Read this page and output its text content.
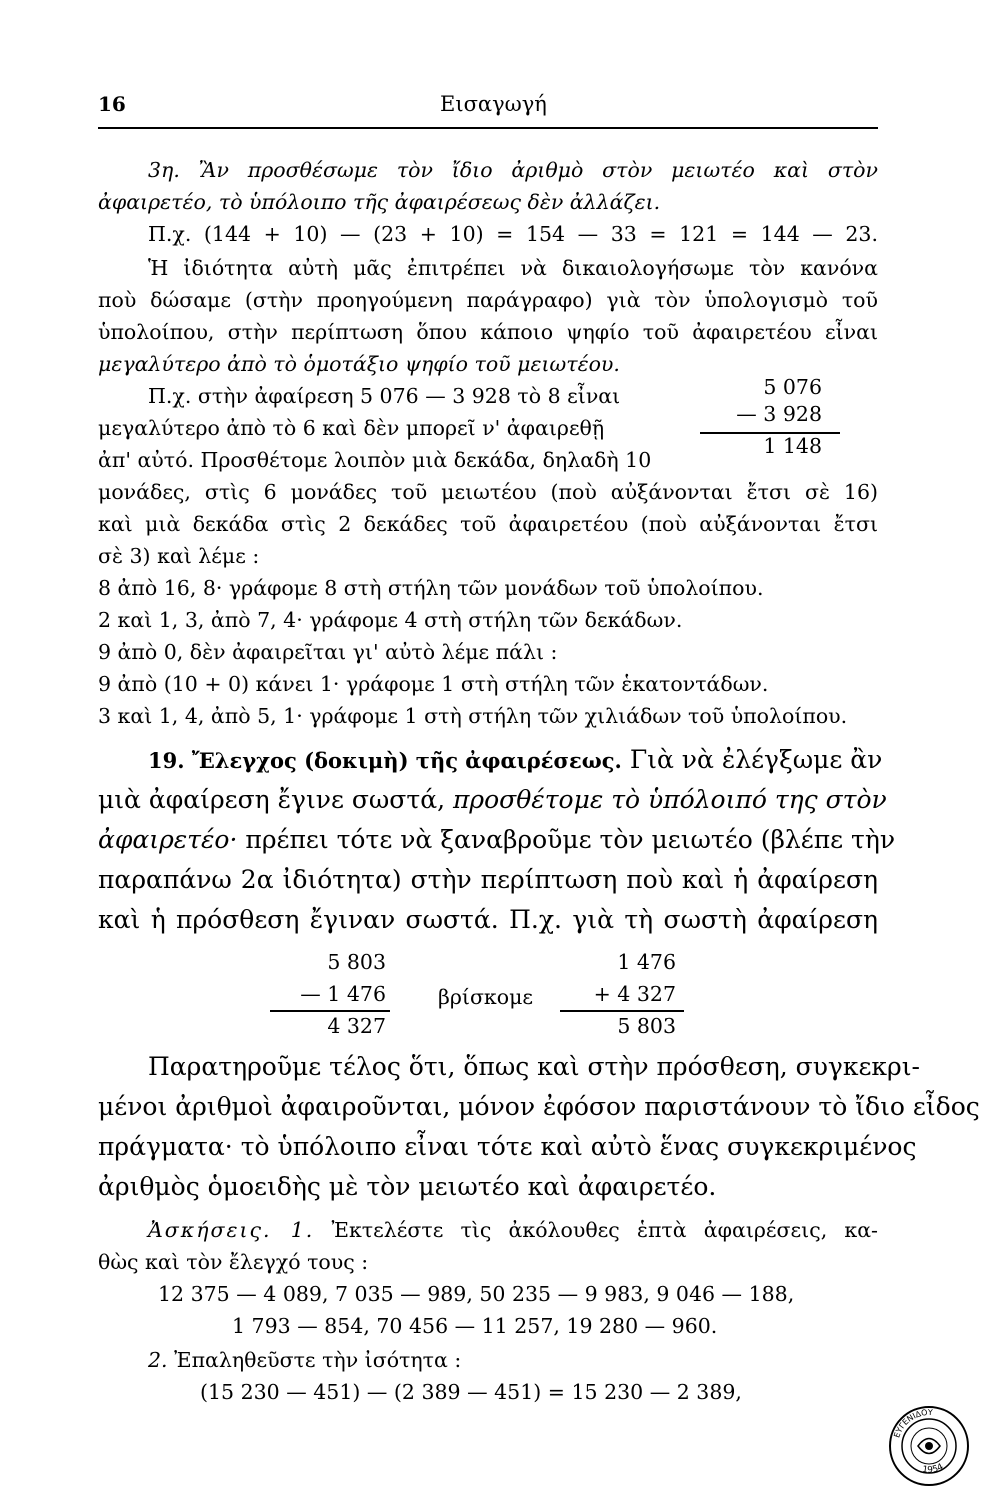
16	Εισαγωγή
3η. Ἂν προσθέσωμε τὸν ἴδιο ἀριθμὸ στὸν μειωτέο καὶ στὸν
ἀφαιρετέο, τὸ ὑπόλοιπο τῆς ἀφαιρέσεως δὲν ἀλλάζει.
Π.χ. (144 + 10) — (23 + 10) = 154 — 33 = 121 = 144 — 23.
Ἡ ἰδιότητα αὐτὴ μᾶς ἐπιτρέπει νὰ δικαιολογήσωμε τὸν κανόνα
ποὺ δώσαμε (στὴν προηγούμενη παράγραφο) γιὰ τὸν ὑπολογισμὸ τοῦ
ὑπολοίπου, στὴν περίπτωση ὅπου κάποιο ψηφίο τοῦ ἀφαιρετέου εἶναι
μεγαλύτερο ἀπὸ τὸ ὁμοτάξιο ψηφίο τοῦ μειωτέου.
Π.χ. στὴν ἀφαίρεση 5 076 — 3 928 τὸ 8 εἶναι
μεγαλύτερο ἀπὸ τὸ 6 καὶ δὲν μπορεῖ ν' ἀφαιρεθῇ
ἀπ' αὐτό. Προσθέτομε λοιπὸν μιὰ δεκάδα, δηλαδὴ 10
5 076
— 3 928
1 148
μονάδες, στὶς 6 μονάδες τοῦ μειωτέου (ποὺ αὐξάνονται ἔτσι σὲ 16)
καὶ μιὰ δεκάδα στὶς 2 δεκάδες τοῦ ἀφαιρετέου (ποὺ αὐξάνονται ἔτσι
σὲ 3) καὶ λέμε :
8 ἀπὸ 16, 8· γράφομε 8 στὴ στήλη τῶν μονάδων τοῦ ὑπολοίπου.
2 καὶ 1, 3, ἀπὸ 7, 4· γράφομε 4 στὴ στήλη τῶν δεκάδων.
9 ἀπὸ 0, δὲν ἀφαιρεῖται γι' αὐτὸ λέμε πάλι :
9 ἀπὸ (10 + 0) κάνει 1· γράφομε 1 στὴ στήλη τῶν ἑκατοντάδων.
3 καὶ 1, 4, ἀπὸ 5, 1· γράφομε 1 στὴ στήλη τῶν χιλιάδων τοῦ ὑπολοίπου.
19. Ἔλεγχος (δοκιμὴ) τῆς ἀφαιρέσεως. Γιὰ νὰ ἐλέγξωμε ἂν
μιὰ ἀφαίρεση ἔγινε σωστά, προσθέτομε τὸ ὑπόλοιπό της στὸν
ἀφαιρετέο· πρέπει τότε νὰ ξαναβροῦμε τὸν μειωτέο (βλέπε τὴν
παραπάνω 2α ἰδιότητα) στὴν περίπτωση ποὺ καὶ ἡ ἀφαίρεση
καὶ ἡ πρόσθεση ἔγιναν σωστά. Π.χ. γιὰ τὴ σωστὴ ἀφαίρεση
5 803
— 1 476
4 327
βρίσκομε
1 476
+ 4 327
5 803
Παρατηροῦμε τέλος ὅτι, ὅπως καὶ στὴν πρόσθεση, συγκεκρι-
μένοι ἀριθμοὶ ἀφαιροῦνται, μόνον ἐφόσον παριστάνουν τὸ ἴδιο εἶδος
πράγματα· τὸ ὑπόλοιπο εἶναι τότε καὶ αὐτὸ ἕνας συγκεκριμένος
ἀριθμὸς ὁμοειδὴς μὲ τὸν μειωτέο καὶ ἀφαιρετέο.
Ἀσκήσεις. 1. Ἐκτελέστε τὶς ἀκόλουθες ἑπτὰ ἀφαιρέσεις, κα-
θὼς καὶ τὸν ἔλεγχό τους :
12 375 — 4 089, 7 035 — 989, 50 235 — 9 983, 9 046 — 188,
1 793 — 854, 70 456 — 11 257, 19 280 — 960.
2. Ἐπαληθεῦστε τὴν ἰσότητα :
(15 230 — 451) — (2 389 — 451) = 15 230 — 2 389,
ΕΥΓΕΝΙΔΟΥ
1954
